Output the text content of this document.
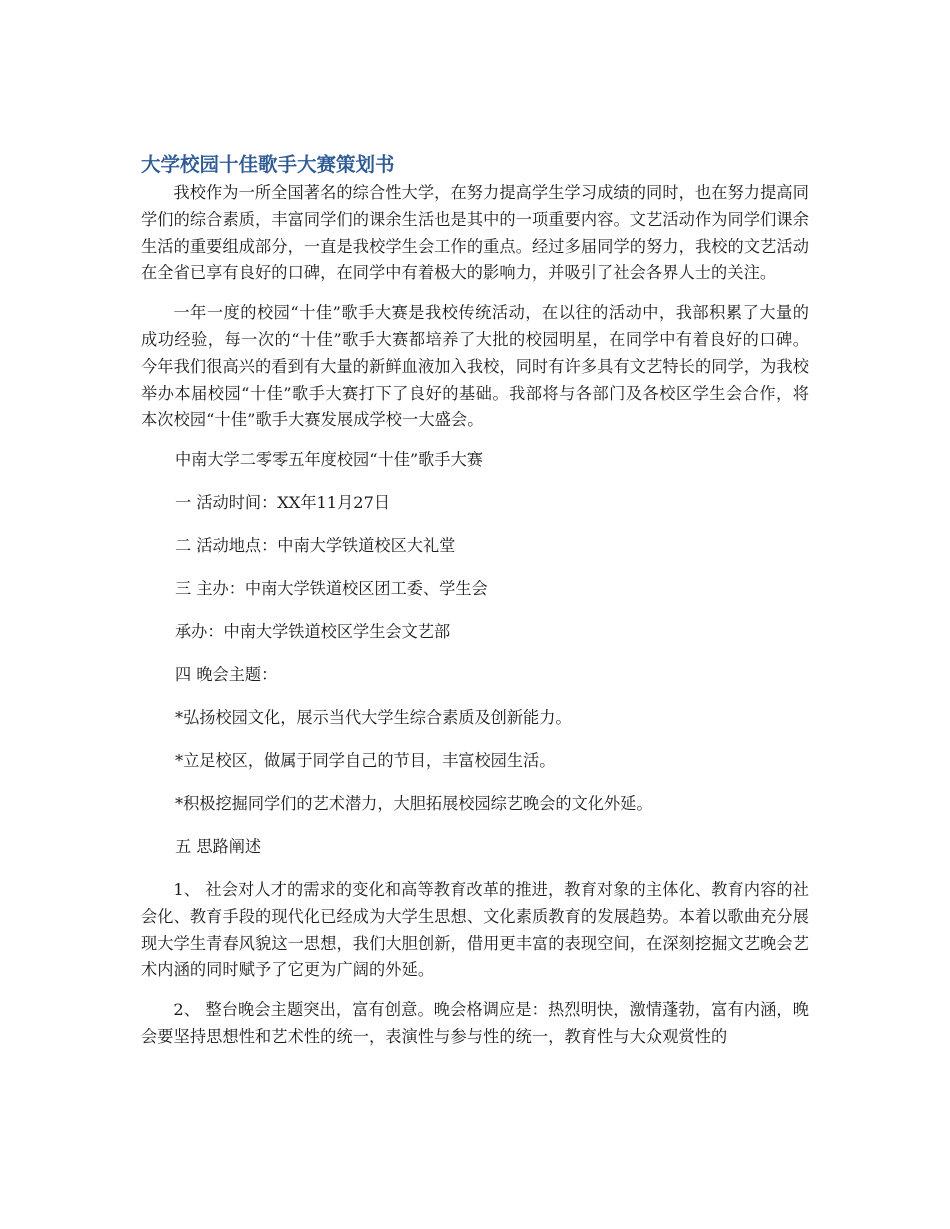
大学校园十佳歌手大赛策划书

我校作为一所全国著名的综合性大学，在努力提高学生学习成绩的同时，也在努力提高同学们的综合素质，丰富同学们的课余生活也是其中的一项重要内容。文艺活动作为同学们课余生活的重要组成部分，一直是我校学生会工作的重点。经过多届同学的努力，我校的文艺活动在全省已享有良好的口碑，在同学中有着极大的影响力，并吸引了社会各界人士的关注。

一年一度的校园“十佳”歌手大赛是我校传统活动，在以往的活动中，我部积累了大量的成功经验，每一次的“十佳”歌手大赛都培养了大批的校园明星，在同学中有着良好的口碑。今年我们很高兴的看到有大量的新鲜血液加入我校，同时有许多具有文艺特长的同学，为我校举办本届校园“十佳”歌手大赛打下了良好的基础。我部将与各部门及各校区学生会合作，将本次校园“十佳”歌手大赛发展成学校一大盛会。

中南大学二零零五年度校园“十佳”歌手大赛

一 活动时间：XX年11月27日

二 活动地点：中南大学铁道校区大礼堂

三 主办：中南大学铁道校区团工委、学生会

承办：中南大学铁道校区学生会文艺部

四 晚会主题：

*弘扬校园文化，展示当代大学生综合素质及创新能力。

*立足校区，做属于同学自己的节目，丰富校园生活。

*积极挖掘同学们的艺术潜力，大胆拓展校园综艺晚会的文化外延。

五 思路阐述

1、 社会对人才的需求的变化和高等教育改革的推进，教育对象的主体化、教育内容的社会化、教育手段的现代化已经成为大学生思想、文化素质教育的发展趋势。本着以歌曲充分展现大学生青春风貌这一思想，我们大胆创新，借用更丰富的表现空间，在深刻挖掘文艺晚会艺术内涵的同时赋予了它更为广阔的外延。

2、 整台晚会主题突出，富有创意。晚会格调应是：热烈明快，激情蓬勃，富有内涵，晚会要坚持思想性和艺术性的统一，表演性与参与性的统一，教育性与大众观赏性的
